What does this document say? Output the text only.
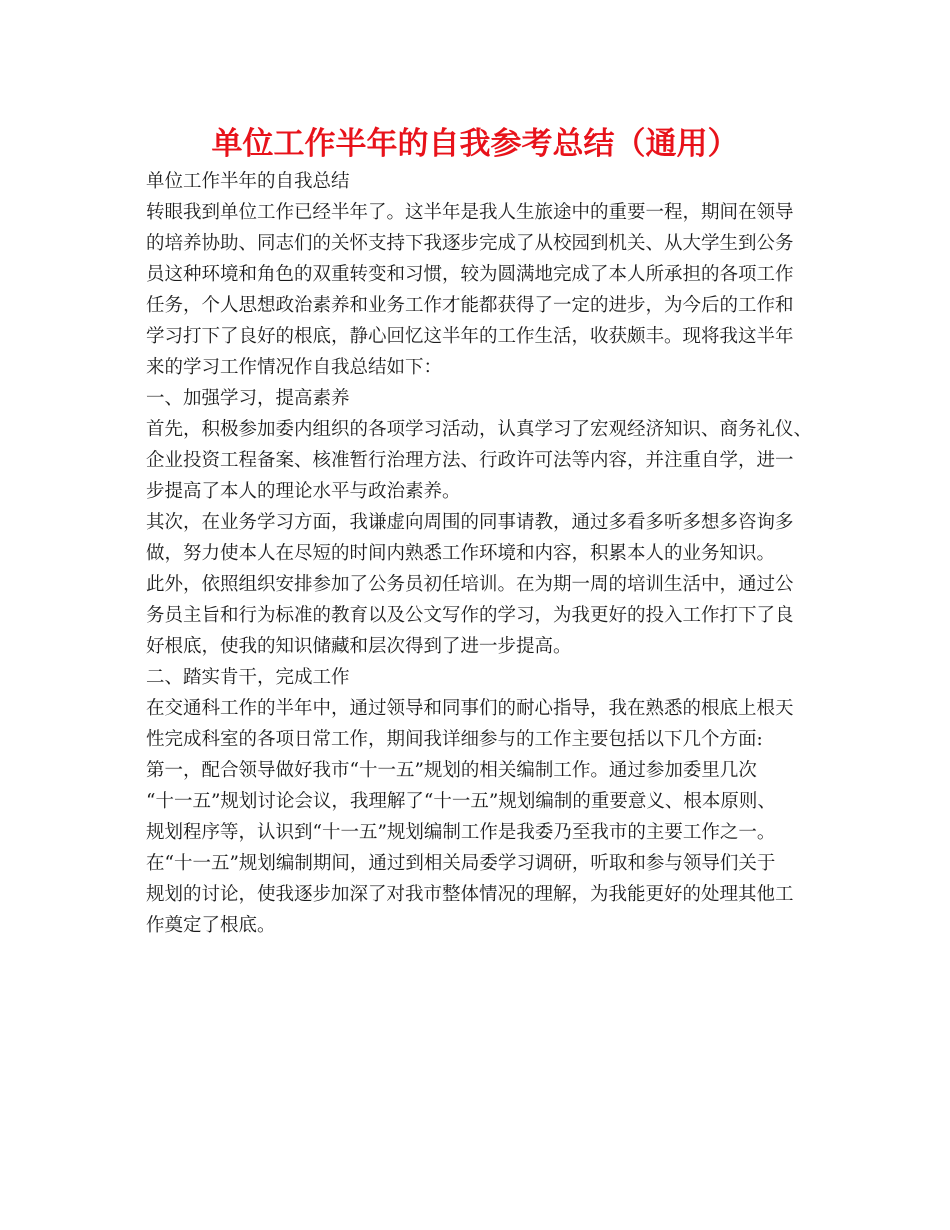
单位工作半年的自我参考总结（通用）
单位工作半年的自我总结
转眼我到单位工作已经半年了。这半年是我人生旅途中的重要一程，期间在领导
的培养协助、同志们的关怀支持下我逐步完成了从校园到机关、从大学生到公务
员这种环境和角色的双重转变和习惯，较为圆满地完成了本人所承担的各项工作
任务，个人思想政治素养和业务工作才能都获得了一定的进步，为今后的工作和
学习打下了良好的根底，静心回忆这半年的工作生活，收获颇丰。现将我这半年
来的学习工作情况作自我总结如下：
一、加强学习，提高素养
首先，积极参加委内组织的各项学习活动，认真学习了宏观经济知识、商务礼仪、
企业投资工程备案、核准暂行治理方法、行政许可法等内容，并注重自学，进一
步提高了本人的理论水平与政治素养。
其次，在业务学习方面，我谦虚向周围的同事请教，通过多看多听多想多咨询多
做，努力使本人在尽短的时间内熟悉工作环境和内容，积累本人的业务知识。
此外，依照组织安排参加了公务员初任培训。在为期一周的培训生活中，通过公
务员主旨和行为标准的教育以及公文写作的学习，为我更好的投入工作打下了良
好根底，使我的知识储藏和层次得到了进一步提高。
二、踏实肯干，完成工作
在交通科工作的半年中，通过领导和同事们的耐心指导，我在熟悉的根底上根天
性完成科室的各项日常工作，期间我详细参与的工作主要包括以下几个方面:
第一，配合领导做好我市“十一五”规划的相关编制工作。通过参加委里几次
“十一五”规划讨论会议，我理解了“十一五”规划编制的重要意义、根本原则、
规划程序等，认识到“十一五”规划编制工作是我委乃至我市的主要工作之一。
在“十一五”规划编制期间，通过到相关局委学习调研，听取和参与领导们关于
规划的讨论，使我逐步加深了对我市整体情况的理解，为我能更好的处理其他工
作奠定了根底。
